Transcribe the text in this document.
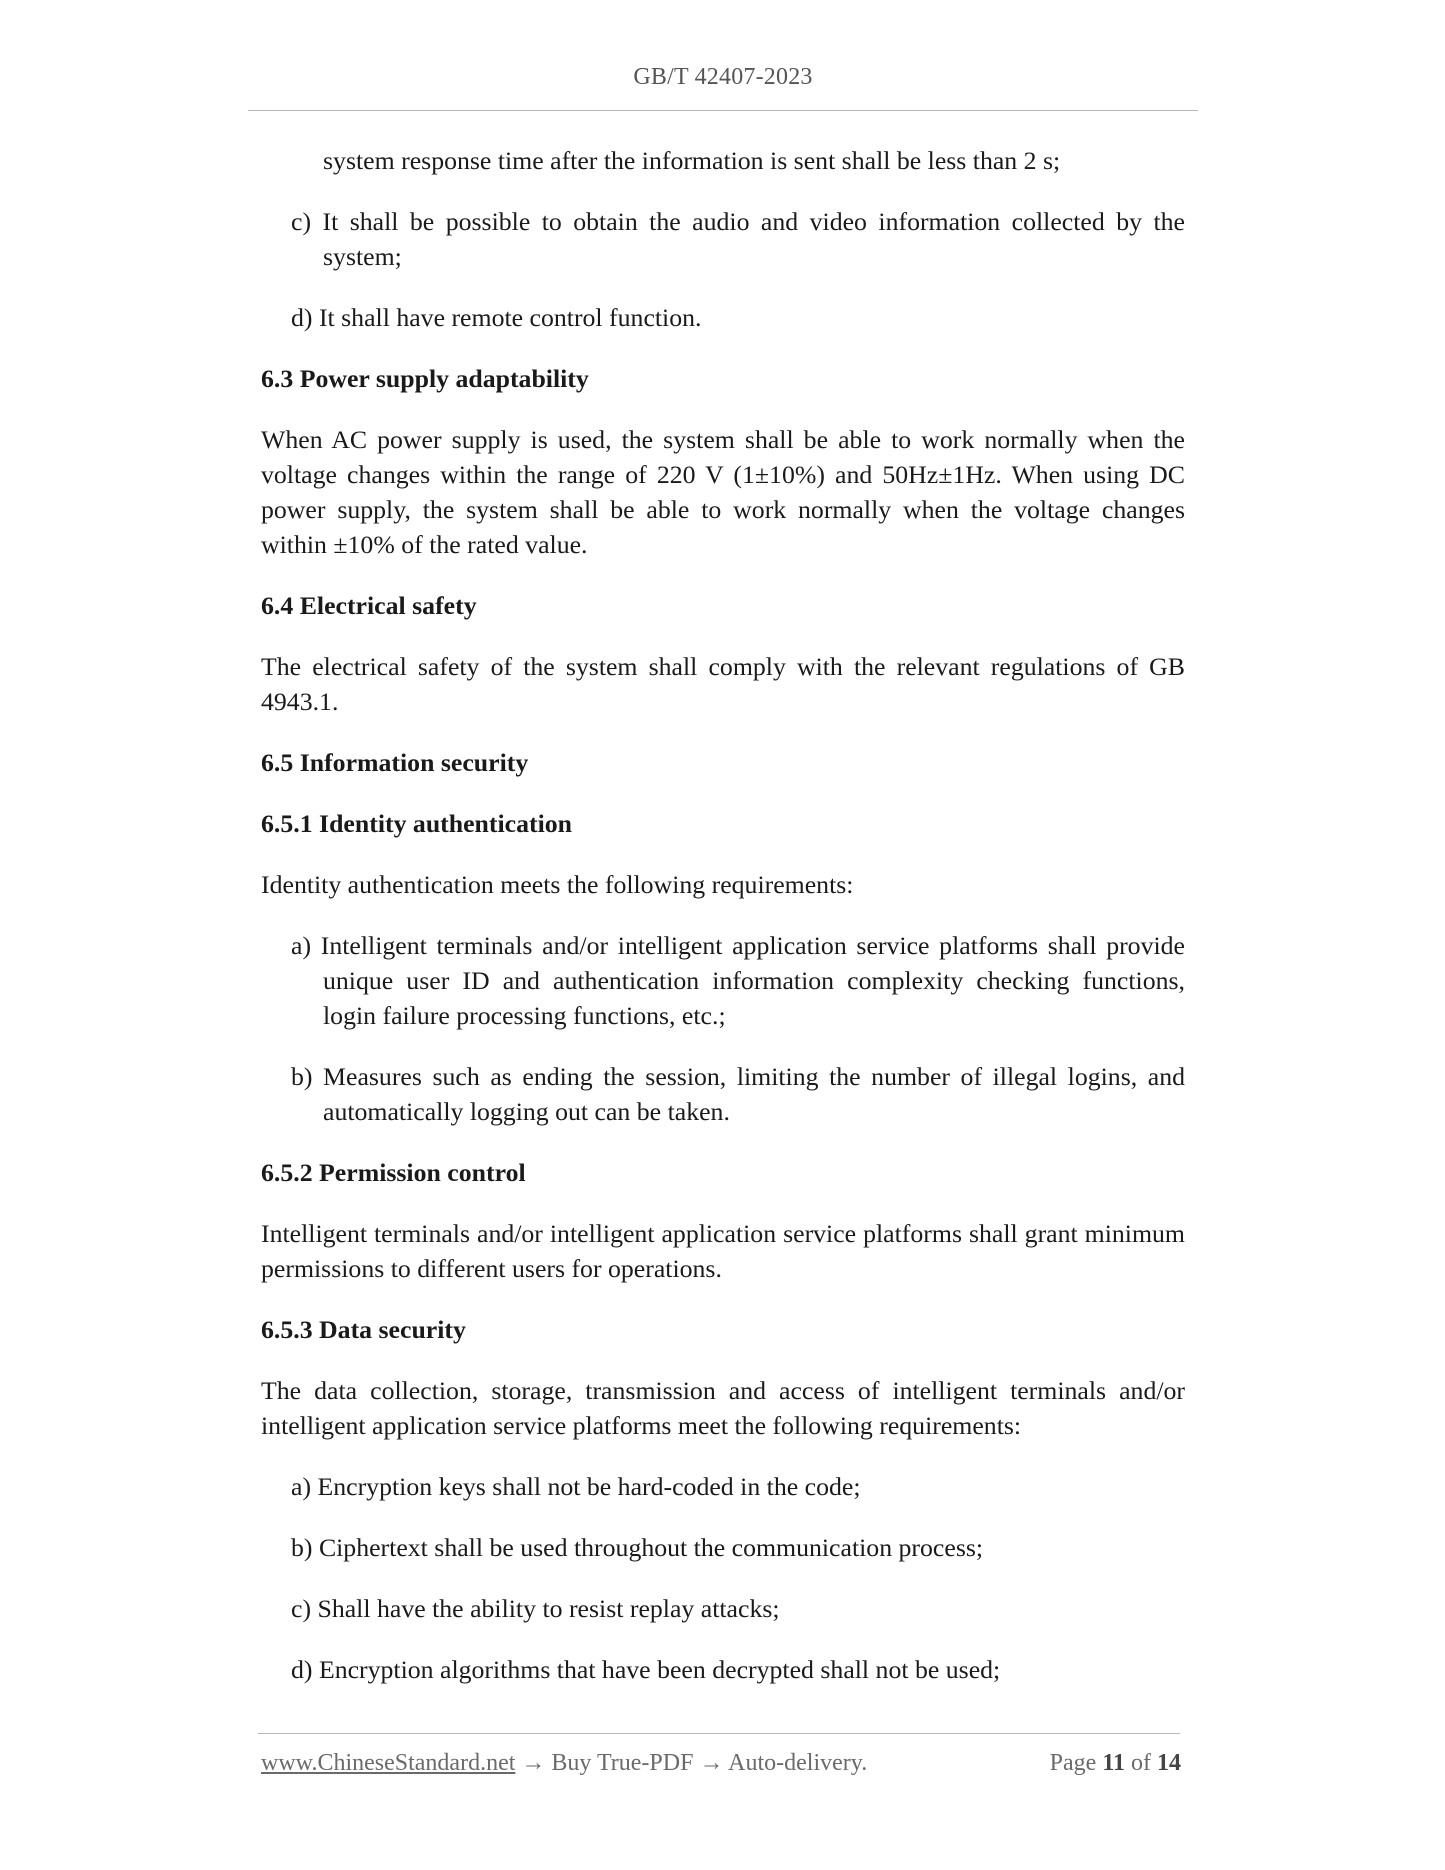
GB/T 42407-2023

system response time after the information is sent shall be less than 2 s;

c) It shall be possible to obtain the audio and video information collected by the system;

d) It shall have remote control function.

6.3 Power supply adaptability

When AC power supply is used, the system shall be able to work normally when the voltage changes within the range of 220 V (1±10%) and 50Hz±1Hz. When using DC power supply, the system shall be able to work normally when the voltage changes within ±10% of the rated value.

6.4 Electrical safety

The electrical safety of the system shall comply with the relevant regulations of GB 4943.1.

6.5 Information security

6.5.1 Identity authentication

Identity authentication meets the following requirements:

a) Intelligent terminals and/or intelligent application service platforms shall provide unique user ID and authentication information complexity checking functions, login failure processing functions, etc.;

b) Measures such as ending the session, limiting the number of illegal logins, and automatically logging out can be taken.

6.5.2 Permission control

Intelligent terminals and/or intelligent application service platforms shall grant minimum permissions to different users for operations.

6.5.3 Data security

The data collection, storage, transmission and access of intelligent terminals and/or intelligent application service platforms meet the following requirements:

a) Encryption keys shall not be hard-coded in the code;

b) Ciphertext shall be used throughout the communication process;

c) Shall have the ability to resist replay attacks;

d) Encryption algorithms that have been decrypted shall not be used;

www.ChineseStandard.net → Buy True-PDF → Auto-delivery.	Page 11 of 14
